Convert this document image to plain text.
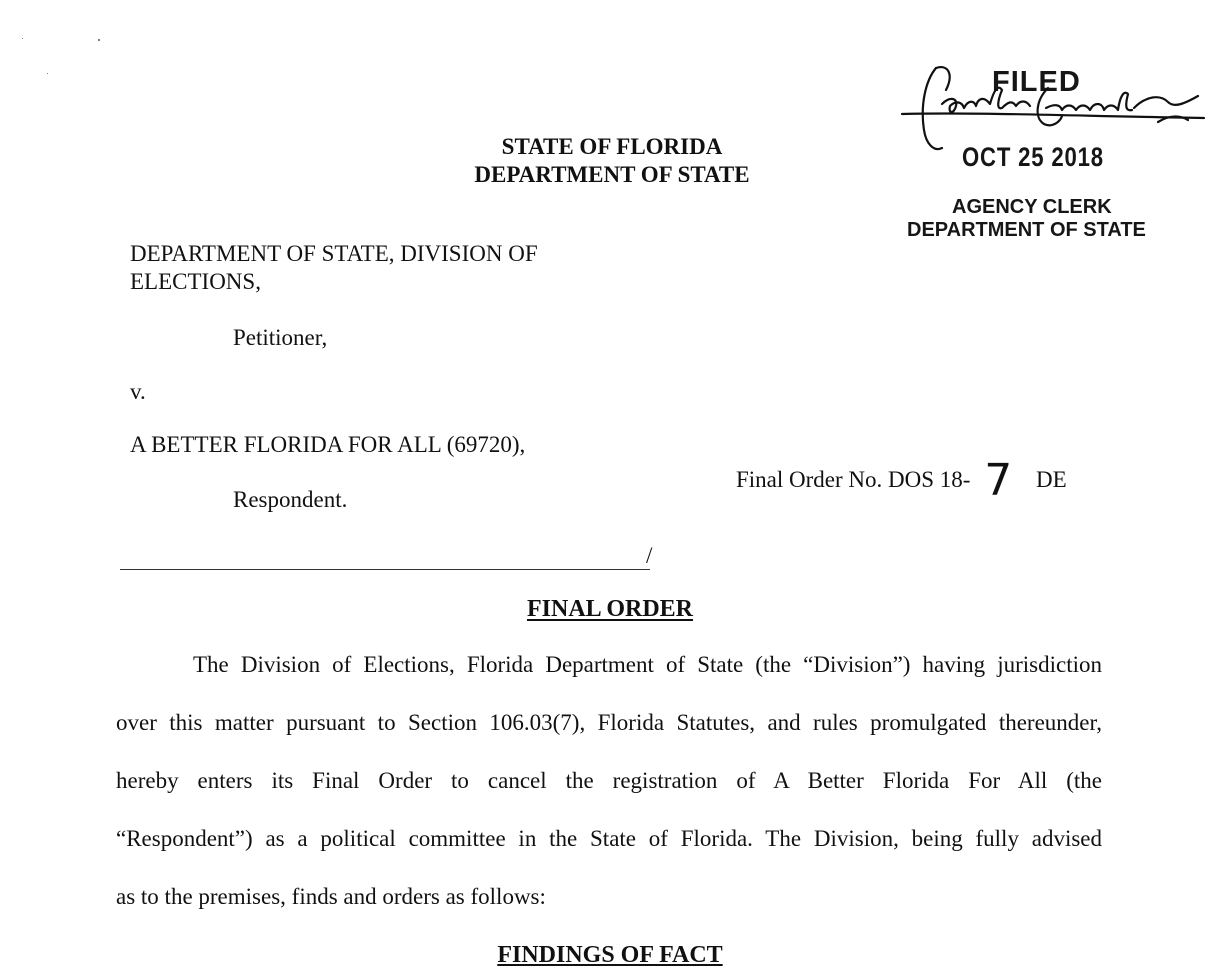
FILED
OCT 25 2018
AGENCY CLERK
DEPARTMENT OF STATE
STATE OF FLORIDA
DEPARTMENT OF STATE
DEPARTMENT OF STATE, DIVISION OF
ELECTIONS,
Petitioner,
v.
A BETTER FLORIDA FOR ALL (69720),
Respondent.
Final Order No. DOS 18- 7 DE
/
FINAL ORDER
The Division of Elections, Florida Department of State (the “Division”) having jurisdiction
over this matter pursuant to Section 106.03(7), Florida Statutes, and rules promulgated thereunder,
hereby enters its Final Order to cancel the registration of A Better Florida For All (the
“Respondent”) as a political committee in the State of Florida. The Division, being fully advised
as to the premises, finds and orders as follows:
FINDINGS OF FACT
